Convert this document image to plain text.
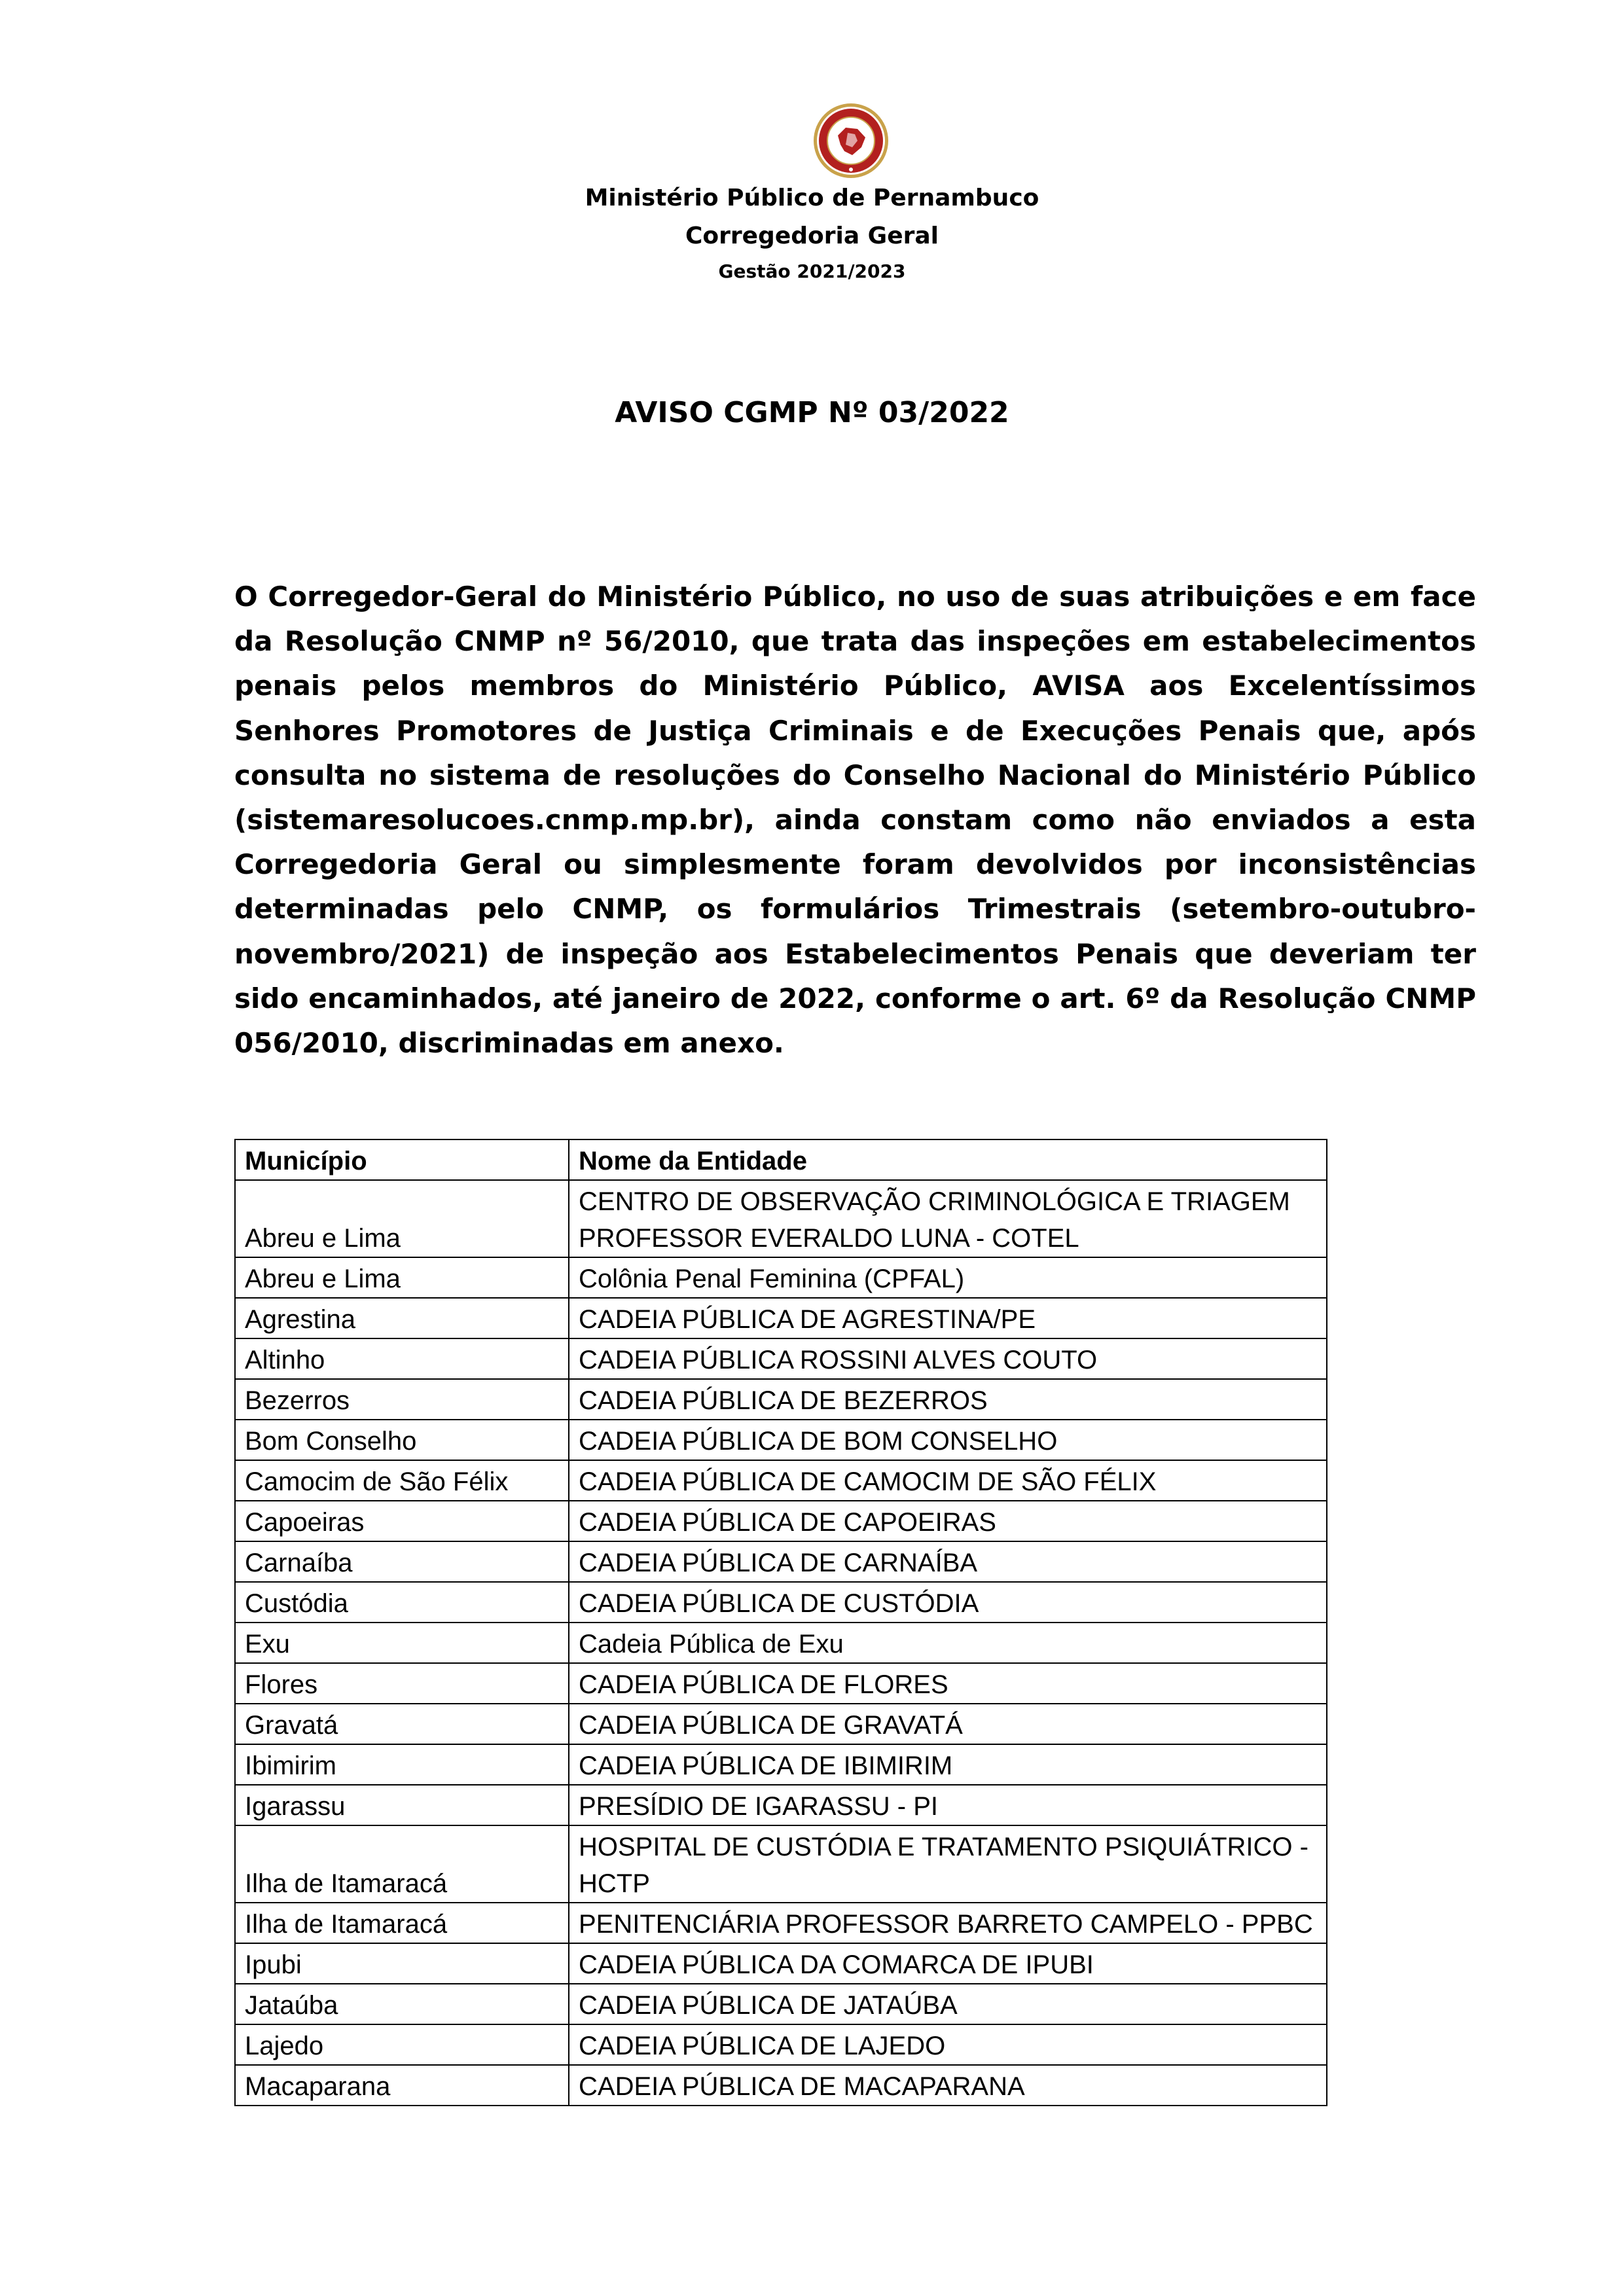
Ministério Público de Pernambuco
Corregedoria Geral
Gestão 2021/2023
AVISO CGMP Nº 03/2022
O Corregedor-Geral do Ministério Público, no uso de suas atribuições e em face da Resolução CNMP nº 56/2010, que trata das inspeções em estabelecimentos penais pelos membros do Ministério Público, AVISA aos Excelentíssimos Senhores Promotores de Justiça Criminais e de Execuções Penais que, após consulta no sistema de resoluções do Conselho Nacional do Ministério Público (sistemaresolucoes.cnmp.mp.br), ainda constam como não enviados a esta Corregedoria Geral ou simplesmente foram devolvidos por inconsistências determinadas pelo CNMP, os formulários Trimestrais (setembro-outubro-novembro/2021) de inspeção aos Estabelecimentos Penais que deveriam ter sido encaminhados, até janeiro de 2022, conforme o art. 6º da Resolução CNMP 056/2010, discriminadas em anexo.
Município	Nome da Entidade
Abreu e Lima	CENTRO DE OBSERVAÇÃO CRIMINOLÓGICA E TRIAGEM PROFESSOR EVERALDO LUNA - COTEL
Abreu e Lima	Colônia Penal Feminina (CPFAL)
Agrestina	CADEIA PÚBLICA DE AGRESTINA/PE
Altinho	CADEIA PÚBLICA ROSSINI ALVES COUTO
Bezerros	CADEIA PÚBLICA DE BEZERROS
Bom Conselho	CADEIA PÚBLICA DE BOM CONSELHO
Camocim de São Félix	CADEIA PÚBLICA DE CAMOCIM DE SÃO FÉLIX
Capoeiras	CADEIA PÚBLICA DE CAPOEIRAS
Carnaíba	CADEIA PÚBLICA DE CARNAÍBA
Custódia	CADEIA PÚBLICA DE CUSTÓDIA
Exu	Cadeia Pública de Exu
Flores	CADEIA PÚBLICA DE FLORES
Gravatá	CADEIA PÚBLICA DE GRAVATÁ
Ibimirim	CADEIA PÚBLICA DE IBIMIRIM
Igarassu	PRESÍDIO DE IGARASSU - PI
Ilha de Itamaracá	HOSPITAL DE CUSTÓDIA E TRATAMENTO PSIQUIÁTRICO - HCTP
Ilha de Itamaracá	PENITENCIÁRIA PROFESSOR BARRETO CAMPELO - PPBC
Ipubi	CADEIA PÚBLICA DA COMARCA DE IPUBI
Jataúba	CADEIA PÚBLICA DE JATAÚBA
Lajedo	CADEIA PÚBLICA DE LAJEDO
Macaparana	CADEIA PÚBLICA DE MACAPARANA
